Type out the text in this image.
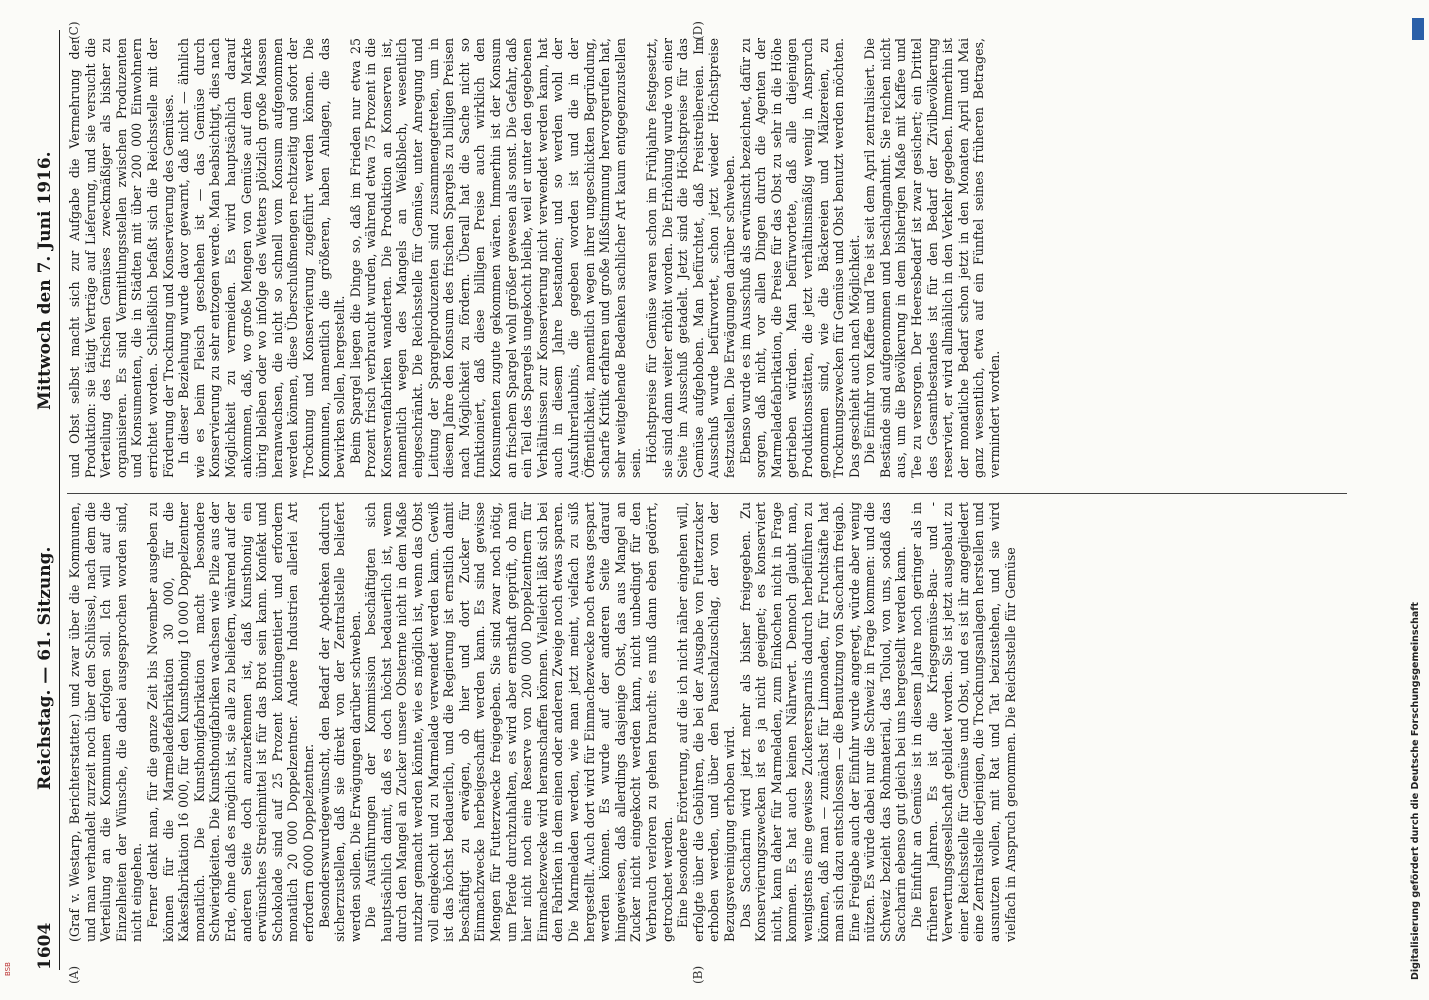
1604
Reichstag. — 61. Sitzung.
Mittwoch den 7. Juni 1916.
(A)	(B)
(C)	(D)

(Graf v. Westarp, Berichterstatter.) und zwar über die Kommunen, und man verhandelt zurzeit noch über den Schlüssel, nach dem die Verteilung an die Kommunen erfolgen soll. Ich will auf die Einzelheiten der Wünsche, die dabei ausgesprochen worden sind, nicht eingehen. Ferner denkt man, für die ganze Zeit bis November ausgeben zu können für die Marmeladefabrikation 30 000, für die Kakesfabrikation 16 000, für den Kunsthonig 10 000 Doppelzentner monatlich. Die Kunsthonigfabrikation macht besondere Schwierigkeiten. Die Kunsthonigfabriken wachsen wie Pilze aus der Erde, ohne daß es möglich ist, sie alle zu beliefern, während auf der anderen Seite doch anzuerkennen ist, daß Kunsthonig ein erwünschtes Streichmittel ist für das Brot sein kann. Konfekt und Schokolade sind auf 25 Prozent kontingentiert und erfordern monatlich 20 000 Doppelzentner. Andere Industrien allerlei Art erfordern 6000 Doppelzentner. Besonderswurdegewünscht, den Bedarf der Apotheken dadurch sicherzustellen, daß sie direkt von der Zentralstelle beliefert werden sollen. Die Erwägungen darüber schweben. Die Ausführungen der Kommission beschäftigten sich hauptsächlich damit, daß es doch höchst bedauerlich ist, wenn durch den Mangel an Zucker unsere Obsternte nicht in dem Maße nutzbar gemacht werden könnte, wie es möglich ist, wenn das Obst voll eingekocht und zu Marmelade verwendet werden kann. Gewiß ist das höchst bedauerlich, und die Regierung ist ernstlich damit beschäftigt zu erwägen, ob hier und dort Zucker für Einmachzwecke herbeigeschafft werden kann. Es sind gewisse Mengen für Futterzwecke freigegeben. Sie sind zwar noch nötig, um Pferde durchzuhalten, es wird aber ernsthaft geprüft, ob man hier nicht noch eine Reserve von 200 000 Doppelzentnern für Einmachezwecke wird heranschaffen können. Vielleicht läßt sich bei den Fabriken in dem einen oder anderen Zweige noch etwas sparen. Die Marmeladen werden, wie man jetzt meint, vielfach zu süß hergestellt. Auch dort wird für Einmachezwecke noch etwas gespart werden können. Es wurde auf der anderen Seite darauf hingewiesen, daß allerdings dasjenige Obst, das aus Mangel an Zucker nicht eingekocht werden kann, nicht unbedingt für den Verbrauch verloren zu gehen braucht: es muß dann eben gedörrt, getrocknet werden. Eine besondere Erörterung, auf die ich nicht näher eingehen will, erfolgte über die Gebühren, die bei der Ausgabe von Futterzucker erhoben werden, und über den Pauschalzuschlag, der von der Bezugsvereinigung erhoben wird. Das Saccharin wird jetzt mehr als bisher freigegeben. Zu Konservierungszwecken ist es ja nicht geeignet; es konserviert nicht, kann daher für Marmeladen, zum Einkochen nicht in Frage kommen. Es hat auch keinen Nährwert. Dennoch glaubt man, wenigstens eine gewisse Zuckerersparnis dadurch herbeiführen zu können, daß man — zunächst für Limonaden, für Fruchtsäfte hat man sich dazu entschlossen — die Benutzung von Saccharin freigab. Eine Freigabe auch der Einfuhr wurde angeregt, würde aber wenig nützen. Es würde dabei nur die Schweiz in Frage kommen: und die Schweiz bezieht das Rohmaterial, das Toluol, von uns, sodaß das Saccharin ebenso gut gleich bei uns hergestellt werden kann. Die Einfuhr an Gemüse ist in diesem Jahre noch geringer als in früheren Jahren. Es ist die Kriegsgemüse-Bau- und -Verwertungsgesellschaft gebildet worden. Sie ist jetzt ausgebaut zu einer Reichsstelle für Gemüse und Obst, und es ist ihr angegliedert eine Zentralstelle derjenigen, die Trocknungsanlagen herstellen und ausnutzen wollen, mit Rat und Tat beizustehen, und sie wird vielfach in Anspruch genommen. Die Reichsstelle für Gemüse

und Obst selbst macht sich zur Aufgabe die Vermehrung der Produktion: sie tätigt Verträge auf Lieferung, und sie versucht die Verteilung des frischen Gemüses zweckmäßiger als bisher zu organisieren. Es sind Vermittlungsstellen zwischen Produzenten und Konsumenten, die in Städten mit über 200 000 Einwohnern errichtet worden. Schließlich befaßt sich die Reichsstelle mit der Förderung der Trocknung und Konservierung des Gemüses. In dieser Beziehung wurde davor gewarnt, daß nicht — ähnlich wie es beim Fleisch geschehen ist — das Gemüse durch Konservierung zu sehr entzogen werde. Man beabsichtigt, dies nach Möglichkeit zu vermeiden. Es wird hauptsächlich darauf ankommen, daß, wo große Mengen von Gemüse auf dem Markte übrig bleiben oder wo infolge des Wetters plötzlich große Massen heranwachsen, die nicht so schnell vom Konsum aufgenommen werden können, diese Überschußmengen rechtzeitig und sofort der Trocknung und Konservierung zugeführt werden können. Die Kommunen, namentlich die größeren, haben Anlagen, die das bewirken sollen, hergestellt. Beim Spargel liegen die Dinge so, daß im Frieden nur etwa 25 Prozent frisch verbraucht wurden, während etwa 75 Prozent in die Konservenfabriken wanderten. Die Produktion an Konserven ist, namentlich wegen des Mangels an Weißblech, wesentlich eingeschränkt. Die Reichsstelle für Gemüse, unter Anregung und Leitung der Spargelproduzenten sind zusammengetreten, um in diesem Jahre den Konsum des frischen Spargels zu billigen Preisen nach Möglichkeit zu fördern. Überall hat die Sache nicht so funktioniert, daß diese billigen Preise auch wirklich den Konsumenten zugute gekommen wären. Immerhin ist der Konsum an frischem Spargel wohl größer gewesen als sonst. Die Gefahr, daß ein Teil des Spargels ungekocht bleibe, weil er unter den gegebenen Verhältnissen zur Konservierung nicht verwendet werden kann, hat auch in diesem Jahre bestanden; und so werden wohl der Ausfuhrerlaubnis, die gegeben worden ist und die in der Öffentlichkeit, namentlich wegen ihrer ungeschickten Begründung, scharfe Kritik erfahren und große Mißstimmung hervorgerufen hat, sehr weitgehende Bedenken sachlicher Art kaum entgegenzustellen sein. Höchstpreise für Gemüse waren schon im Frühjahre festgesetzt, sie sind dann weiter erhöht worden. Die Erhöhung wurde von einer Seite im Ausschuß getadelt. Jetzt sind die Höchstpreise für das Gemüse aufgehoben. Man befürchtet, daß Preistreibereien. Im Ausschuß wurde befürwortet, schon jetzt wieder Höchstpreise festzustellen. Die Erwägungen darüber schweben. Ebenso wurde es im Ausschuß als erwünscht bezeichnet, dafür zu sorgen, daß nicht, vor allen Dingen durch die Agenten der Marmeladefabrikation, die Preise für das Obst zu sehr in die Höhe getrieben würden. Man befürwortete, daß alle diejenigen Produktionsstätten, die jetzt verhältnismäßig wenig in Anspruch genommen sind, wie die Bäckereien und Mälzereien, zu Trocknungszwecken für Gemüse und Obst benutzt werden möchten. Das geschieht auch nach Möglichkeit. Die Einfuhr von Kaffee und Tee ist seit dem April zentralisiert. Die Bestände sind aufgenommen und beschlagnahmt. Sie reichen nicht aus, um die Bevölkerung in dem bisherigen Maße mit Kaffee und Tee zu versorgen. Der Heeresbedarf ist zwar gesichert; ein Drittel des Gesamtbestandes ist für den Bedarf der Zivilbevölkerung reserviert, er wird allmählich in den Verkehr gegeben. Immerhin ist der monatliche Bedarf schon jetzt in den Monaten April und Mai ganz wesentlich, etwa auf ein Fünftel seines früheren Betrages, vermindert worden.

Digitalisierung gefördert durch die Deutsche Forschungsgemeinschaft
BSB
